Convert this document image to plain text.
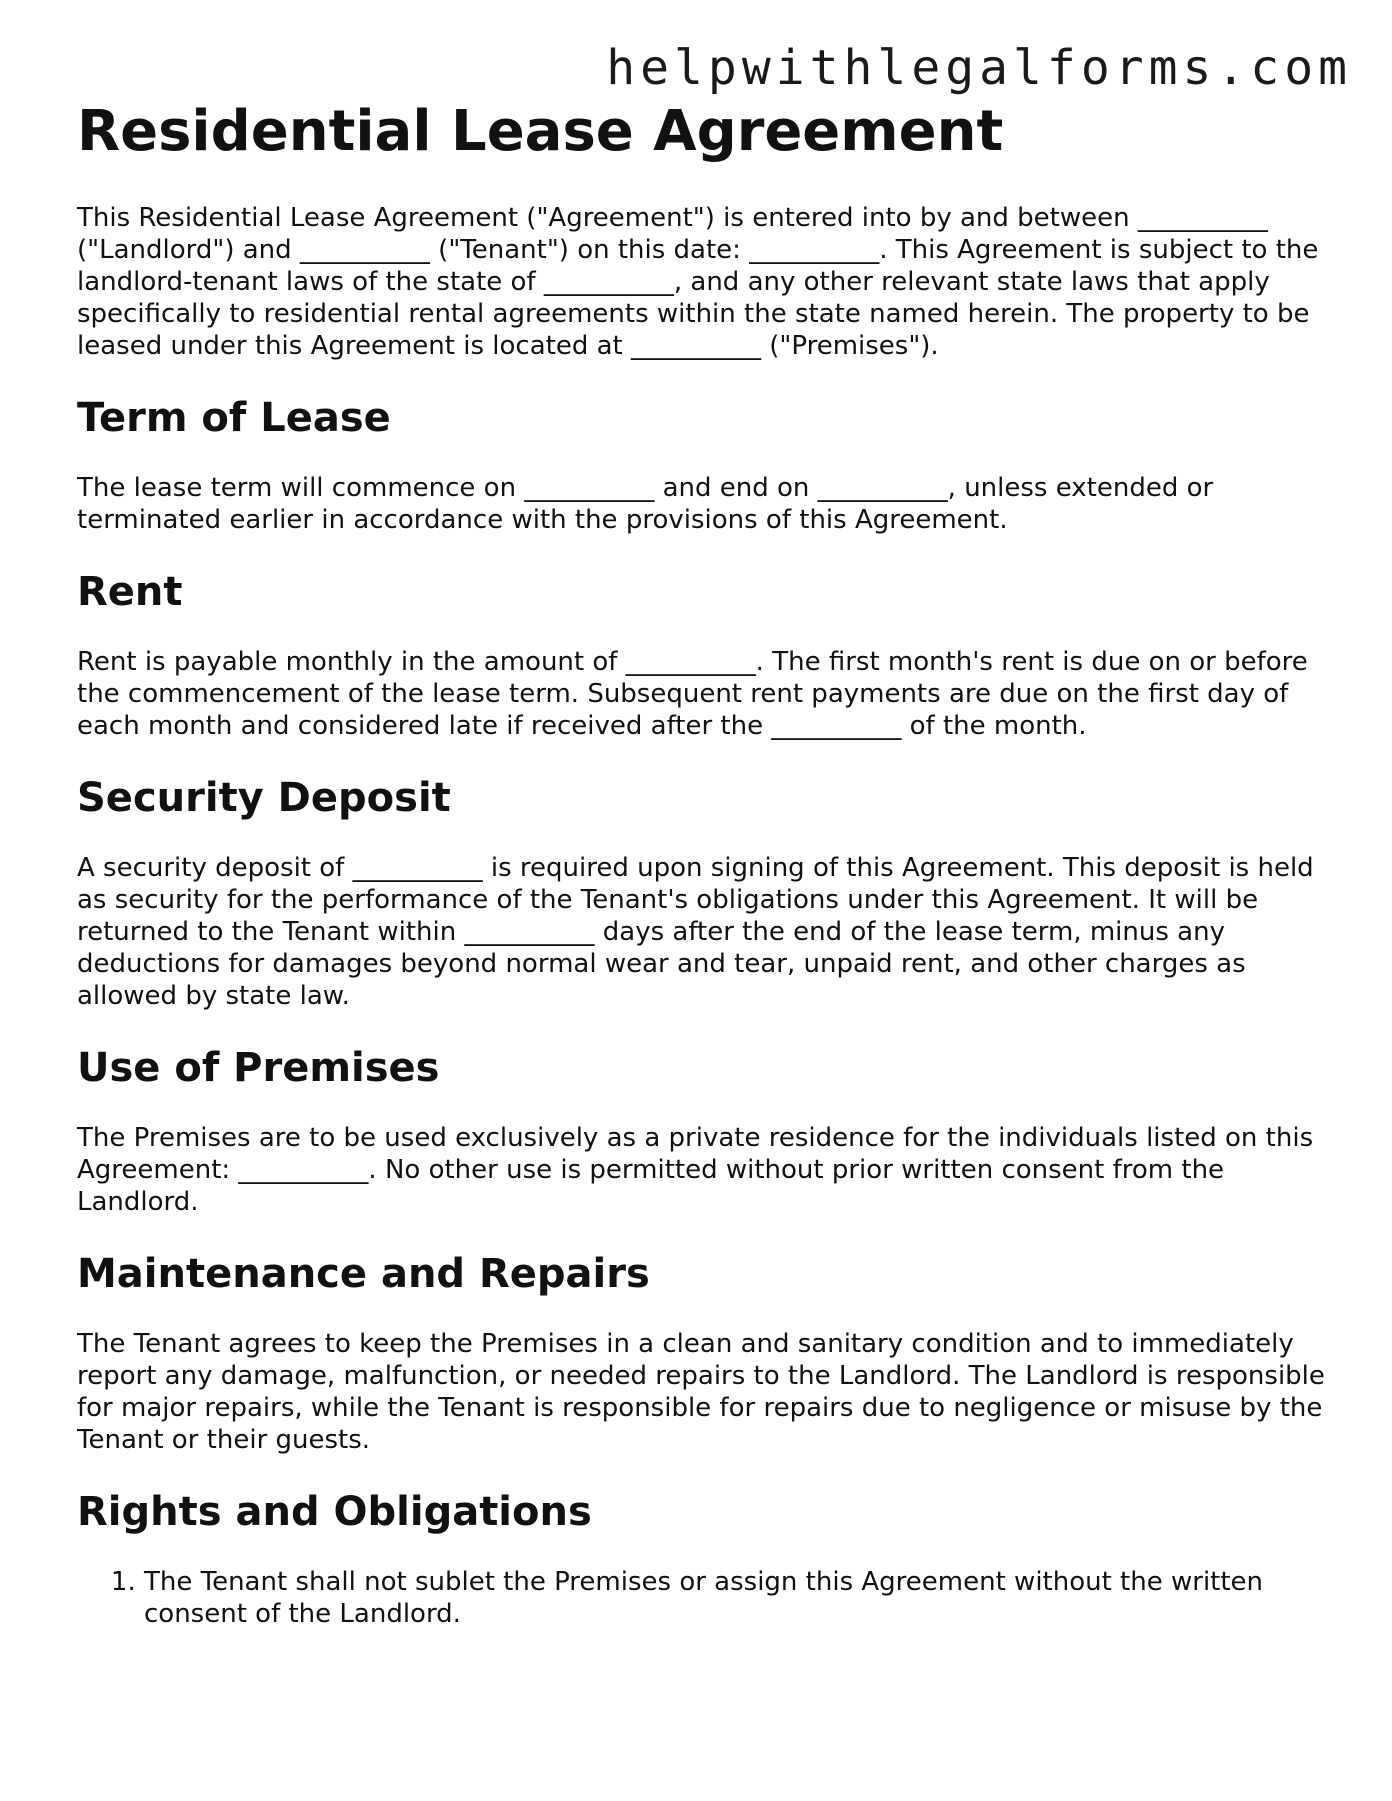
helpwithlegalforms.com
Residential Lease Agreement

This Residential Lease Agreement ("Agreement") is entered into by and between __________ ("Landlord") and __________ ("Tenant") on this date: __________. This Agreement is subject to the landlord-tenant laws of the state of __________, and any other relevant state laws that apply specifically to residential rental agreements within the state named herein. The property to be leased under this Agreement is located at __________ ("Premises").

Term of Lease

The lease term will commence on __________ and end on __________, unless extended or terminated earlier in accordance with the provisions of this Agreement.

Rent

Rent is payable monthly in the amount of __________. The first month's rent is due on or before the commencement of the lease term. Subsequent rent payments are due on the first day of each month and considered late if received after the __________ of the month.

Security Deposit

A security deposit of __________ is required upon signing of this Agreement. This deposit is held as security for the performance of the Tenant's obligations under this Agreement. It will be returned to the Tenant within __________ days after the end of the lease term, minus any deductions for damages beyond normal wear and tear, unpaid rent, and other charges as allowed by state law.

Use of Premises

The Premises are to be used exclusively as a private residence for the individuals listed on this Agreement: __________. No other use is permitted without prior written consent from the Landlord.

Maintenance and Repairs

The Tenant agrees to keep the Premises in a clean and sanitary condition and to immediately report any damage, malfunction, or needed repairs to the Landlord. The Landlord is responsible for major repairs, while the Tenant is responsible for repairs due to negligence or misuse by the Tenant or their guests.

Rights and Obligations
1. The Tenant shall not sublet the Premises or assign this Agreement without the written consent of the Landlord.
